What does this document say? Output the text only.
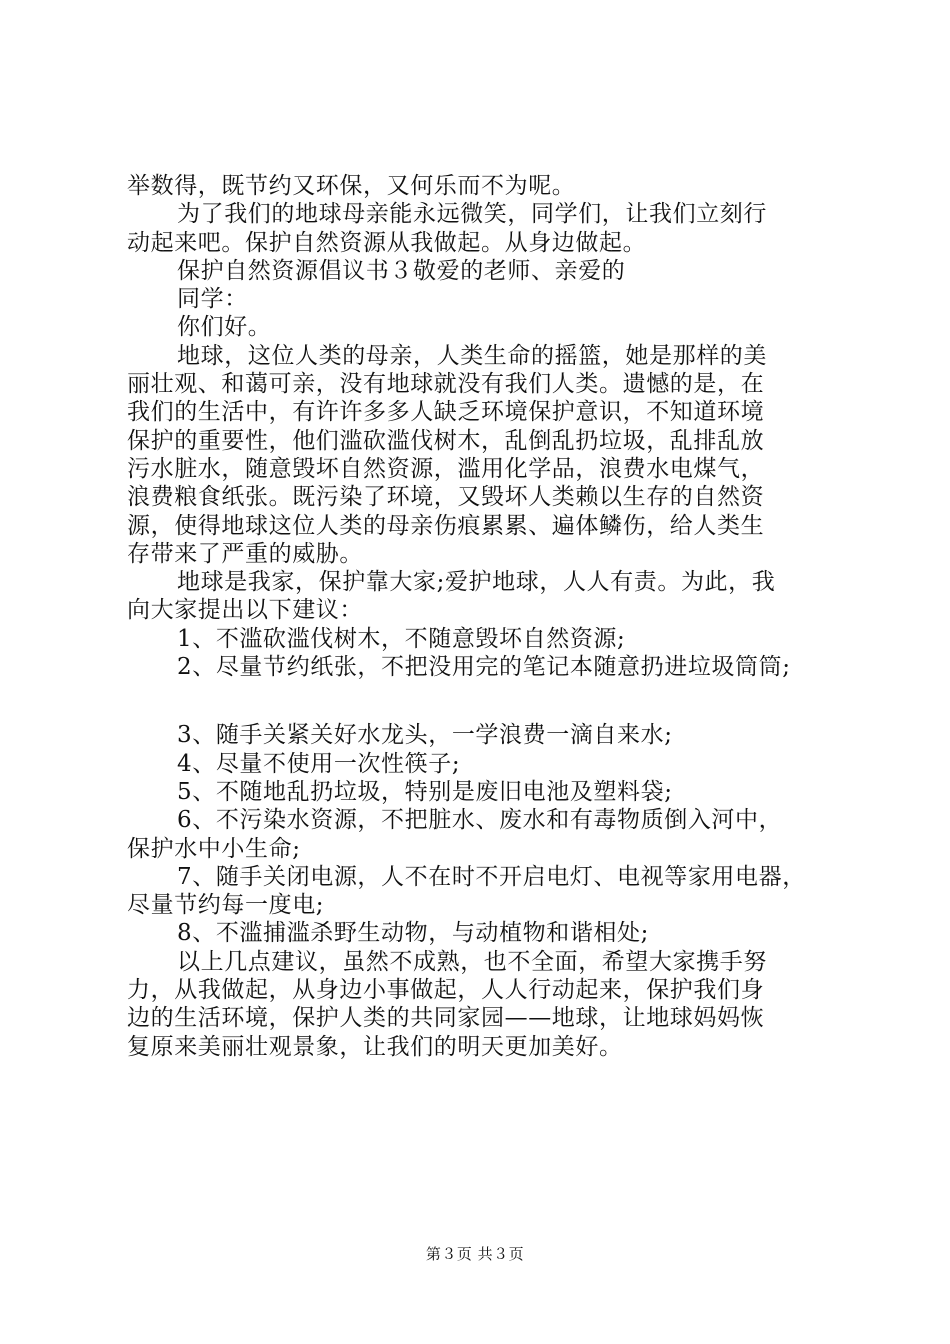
举数得，既节约又环保，又何乐而不为呢。
为了我们的地球母亲能永远微笑，同学们，让我们立刻行
动起来吧。保护自然资源从我做起。从身边做起。
保护自然资源倡议书３敬爱的老师、亲爱的
同学：
你们好。
地球，这位人类的母亲，人类生命的摇篮，她是那样的美
丽壮观、和蔼可亲，没有地球就没有我们人类。遗憾的是，在
我们的生活中，有许许多多人缺乏环境保护意识，不知道环境
保护的重要性，他们滥砍滥伐树木，乱倒乱扔垃圾，乱排乱放
污水脏水，随意毁坏自然资源，滥用化学品，浪费水电煤气，
浪费粮食纸张。既污染了环境，又毁坏人类赖以生存的自然资
源，使得地球这位人类的母亲伤痕累累、遍体鳞伤，给人类生
存带来了严重的威胁。
地球是我家，保护靠大家;爱护地球，人人有责。为此，我
向大家提出以下建议：
1、不滥砍滥伐树木，不随意毁坏自然资源;
2、尽量节约纸张，不把没用完的笔记本随意扔进垃圾筒筒;
3、随手关紧关好水龙头，一学浪费一滴自来水;
4、尽量不使用一次性筷子;
5、不随地乱扔垃圾，特别是废旧电池及塑料袋;
6、不污染水资源，不把脏水、废水和有毒物质倒入河中，
保护水中小生命;
7、随手关闭电源，人不在时不开启电灯、电视等家用电器，
尽量节约每一度电;
8、不滥捕滥杀野生动物，与动植物和谐相处;
以上几点建议，虽然不成熟，也不全面，希望大家携手努
力，从我做起，从身边小事做起，人人行动起来，保护我们身
边的生活环境，保护人类的共同家园——地球，让地球妈妈恢
复原来美丽壮观景象，让我们的明天更加美好。
第３页 共３页
